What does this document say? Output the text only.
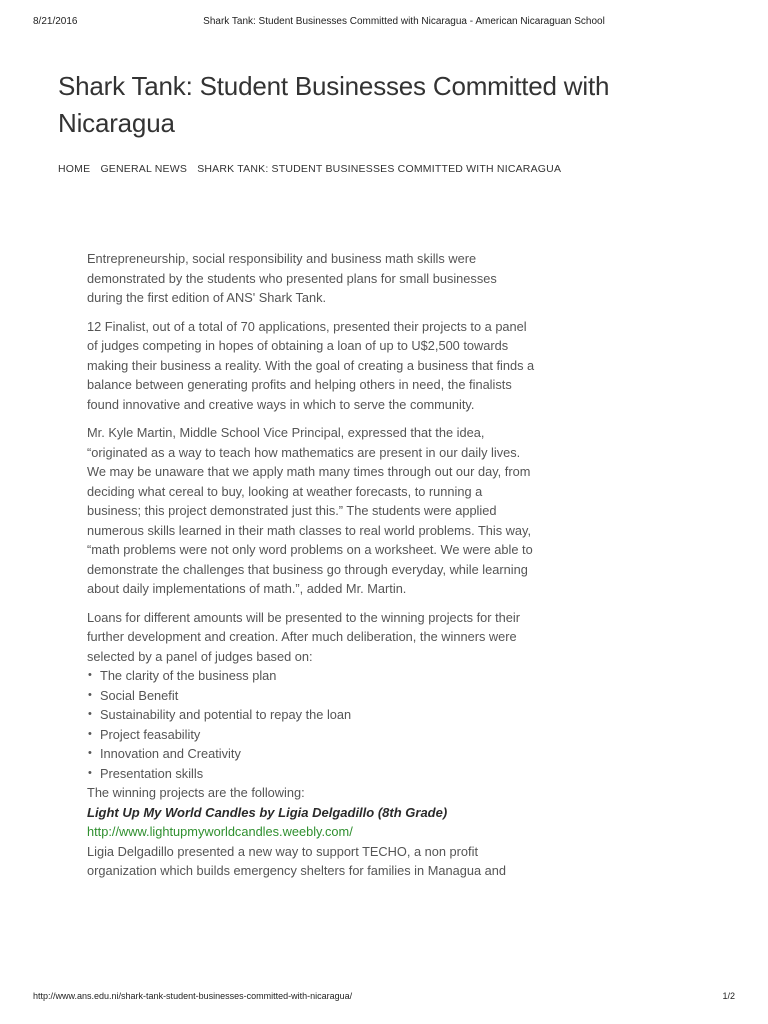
8/21/2016	Shark Tank: Student Businesses Committed with Nicaragua - American Nicaraguan School
Shark Tank: Student Businesses Committed with Nicaragua
HOME GENERAL NEWS SHARK TANK: STUDENT BUSINESSES COMMITTED WITH NICARAGUA

Entrepreneurship, social responsibility and business math skills were demonstrated by the students who presented plans for small businesses during the first edition of ANS' Shark Tank.

12 Finalist, out of a total of 70 applications, presented their projects to a panel of judges competing in hopes of obtaining a loan of up to U$2,500 towards making their business a reality. With the goal of creating a business that finds a balance between generating profits and helping others in need, the finalists found innovative and creative ways in which to serve the community.

Mr. Kyle Martin, Middle School Vice Principal, expressed that the idea, “originated as a way to teach how mathematics are present in our daily lives. We may be unaware that we apply math many times through out our day, from deciding what cereal to buy, looking at weather forecasts, to running a business; this project demonstrated just this.” The students were applied numerous skills learned in their math classes to real world problems. This way, “math problems were not only word problems on a worksheet. We were able to demonstrate the challenges that business go through everyday, while learning about daily implementations of math.”, added Mr. Martin.

Loans for different amounts will be presented to the winning projects for their further development and creation. After much deliberation, the winners were selected by a panel of judges based on:

• The clarity of the business plan
• Social Benefit
• Sustainability and potential to repay the loan
• Project feasability
• Innovation and Creativity
• Presentation skills

The winning projects are the following:

Light Up My World Candles by Ligia Delgadillo (8th Grade)

http://www.lightupmyworldcandles.weebly.com/

Ligia Delgadillo presented a new way to support TECHO, a non profit organization which builds emergency shelters for families in Managua and

http://www.ans.edu.ni/shark-tank-student-businesses-committed-with-nicaragua/	1/2
